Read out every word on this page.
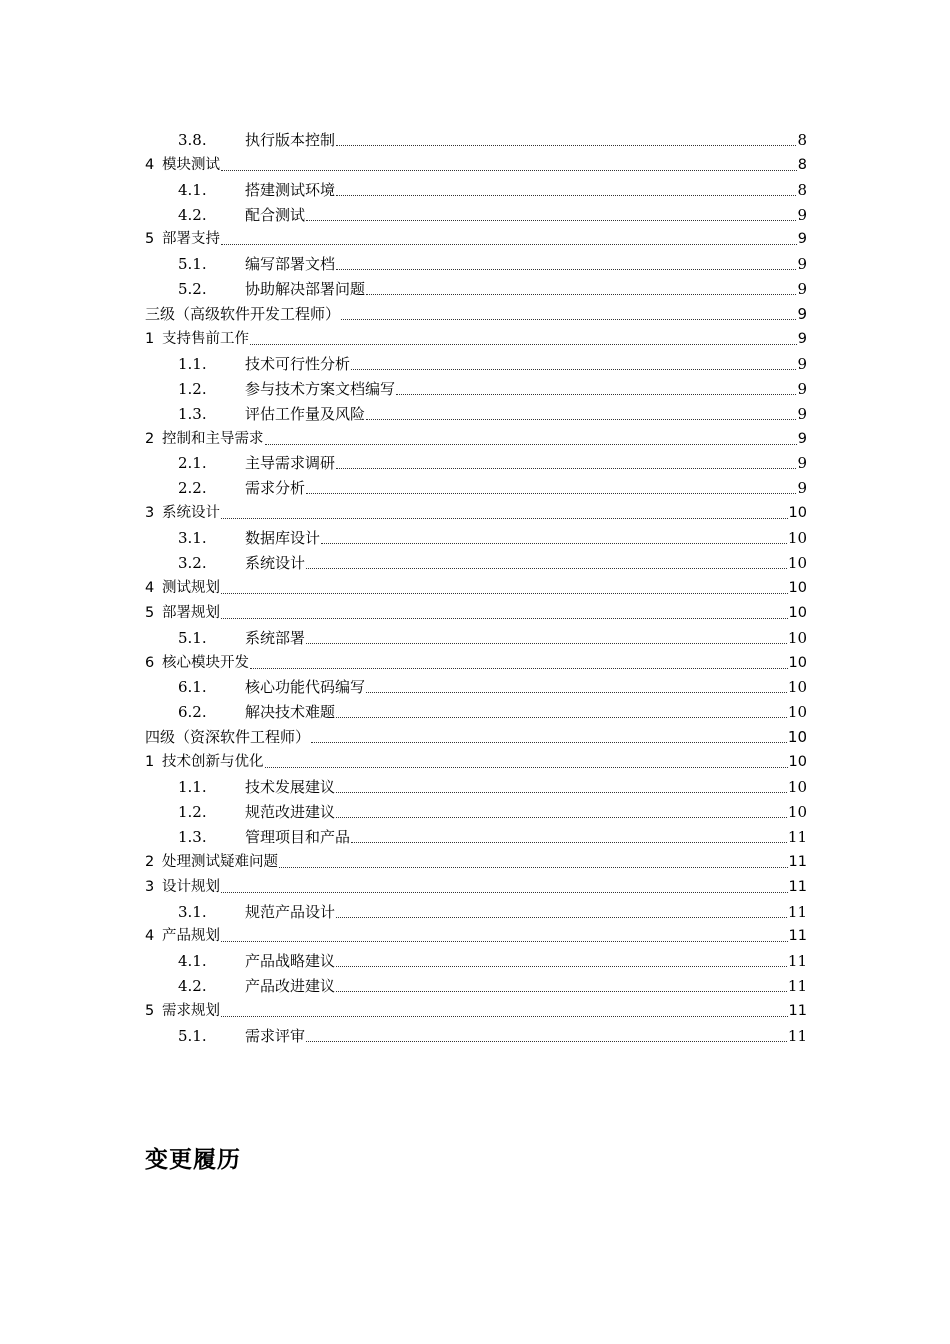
3.8.	执行版本控制	8
4 模块测试	8
4.1.	搭建测试环境	8
4.2.	配合测试	9
5 部署支持	9
5.1.	编写部署文档	9
5.2.	协助解决部署问题	9
三级（高级软件开发工程师）	9
1 支持售前工作	9
1.1.	技术可行性分析	9
1.2.	参与技术方案文档编写	9
1.3.	评估工作量及风险	9
2 控制和主导需求	9
2.1.	主导需求调研	9
2.2.	需求分析	9
3 系统设计	10
3.1.	数据库设计	10
3.2.	系统设计	10
4 测试规划	10
5 部署规划	10
5.1.	系统部署	10
6 核心模块开发	10
6.1.	核心功能代码编写	10
6.2.	解决技术难题	10
四级（资深软件工程师）	10
1 技术创新与优化	10
1.1.	技术发展建议	10
1.2.	规范改进建议	10
1.3.	管理项目和产品	11
2 处理测试疑难问题	11
3 设计规划	11
3.1.	规范产品设计	11
4 产品规划	11
4.1.	产品战略建议	11
4.2.	产品改进建议	11
5 需求规划	11
5.1.	需求评审	11
变更履历
